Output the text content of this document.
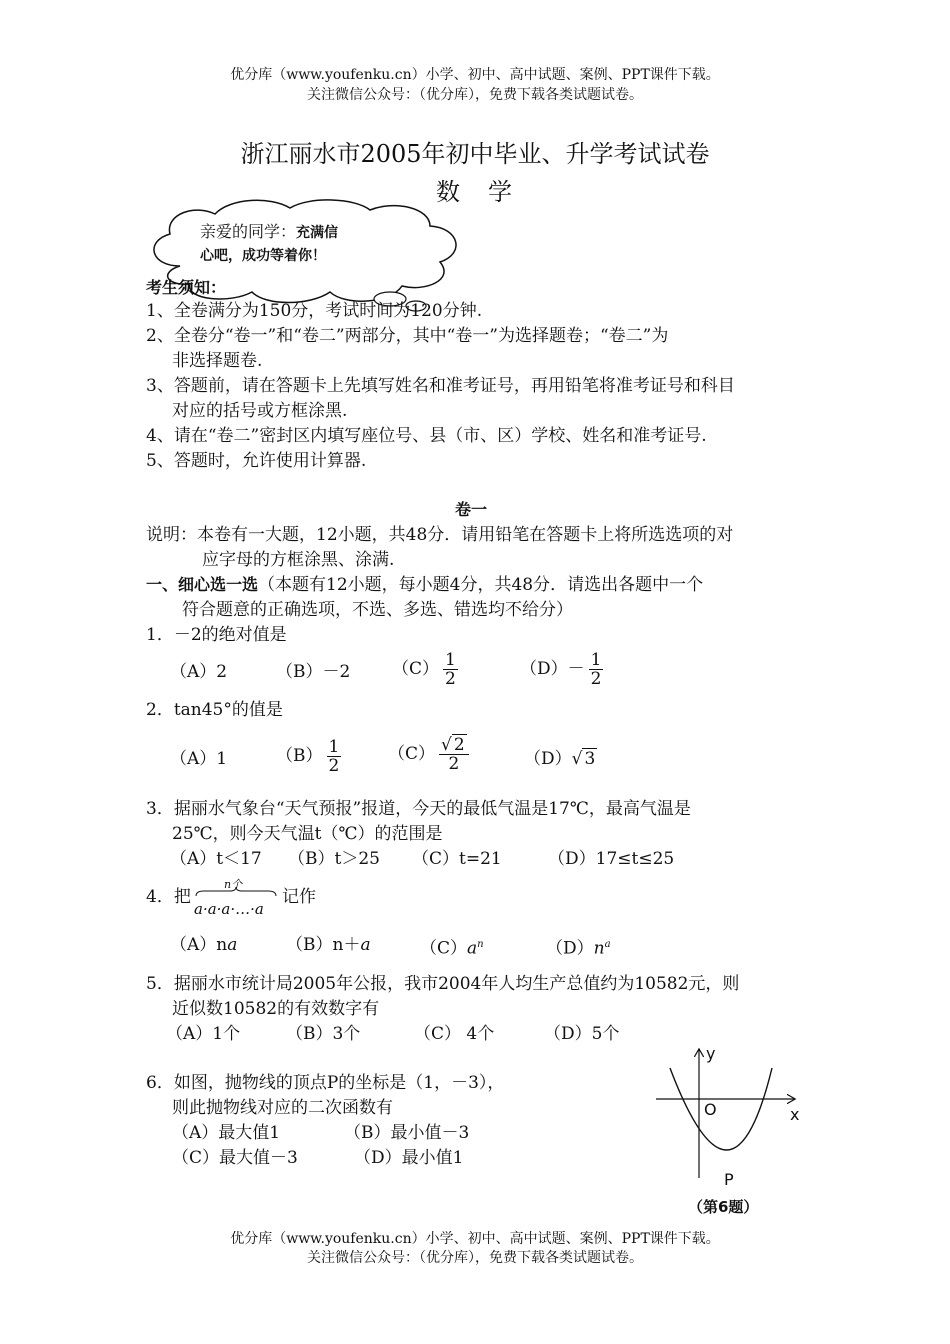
优分库（www.youfenku.cn）小学、初中、高中试题、案例、PPT课件下载。
关注微信公众号：（优分库），免费下载各类试题试卷。
浙江丽水市2005年初中毕业、升学考试试卷
数　学
亲爱的同学：充满信
心吧，成功等着你！
考生须知：
1、全卷满分为150分，考试时间为120分钟.
2、全卷分“卷一”和“卷二”两部分，其中“卷一”为选择题卷；“卷二”为
非选择题卷.
3、答题前，请在答题卡上先填写姓名和准考证号，再用铅笔将准考证号和科目
对应的括号或方框涂黑.
4、请在“卷二”密封区内填写座位号、县（市、区）学校、姓名和准考证号.
5、答题时，允许使用计算器.
卷一
说明：本卷有一大题，12小题，共48分．请用铅笔在答题卡上将所选选项的对
应字母的方框涂黑、涂满.
一、细心选一选（本题有12小题，每小题4分，共48分．请选出各题中一个
符合题意的正确选项，不选、多选、错选均不给分）
1．－2的绝对值是
（A）2	（B）－2 $(C) \frac{1}{2}$	$(D)- \frac{1}{2}$
2．tan45°的值是
（A）1	$(B) \frac{1}{2}$	$(C) \frac{√ 2}{2}$	（D）√ 3
3．据丽水气象台“天气预报”报道，今天的最低气温是17℃，最高气温是
25℃，则今天气温t（℃）的范围是
（A）t＜17 （B）t＞25 （C）t=21	（D）17≤t≤25
4．把
n个
a·a·a·…·a
记作
（A）na	（B）n＋a	$(C)a^n$	$(D)n^a$
5．据丽水市统计局2005年公报，我市2004年人均生产总值约为10582元，则
近似数10582的有效数字有
（A）1个	（B）3个	（C） 4个	（D）5个
6．如图，抛物线的顶点P的坐标是（1，－3），
则此抛物线对应的二次函数有
（A）最大值1	（B）最小值－3
（C）最大值－3	（D）最小值1
y
x
O
P
（第6题）
优分库（www.youfenku.cn）小学、初中、高中试题、案例、PPT课件下载。
关注微信公众号：（优分库），免费下载各类试题试卷。
